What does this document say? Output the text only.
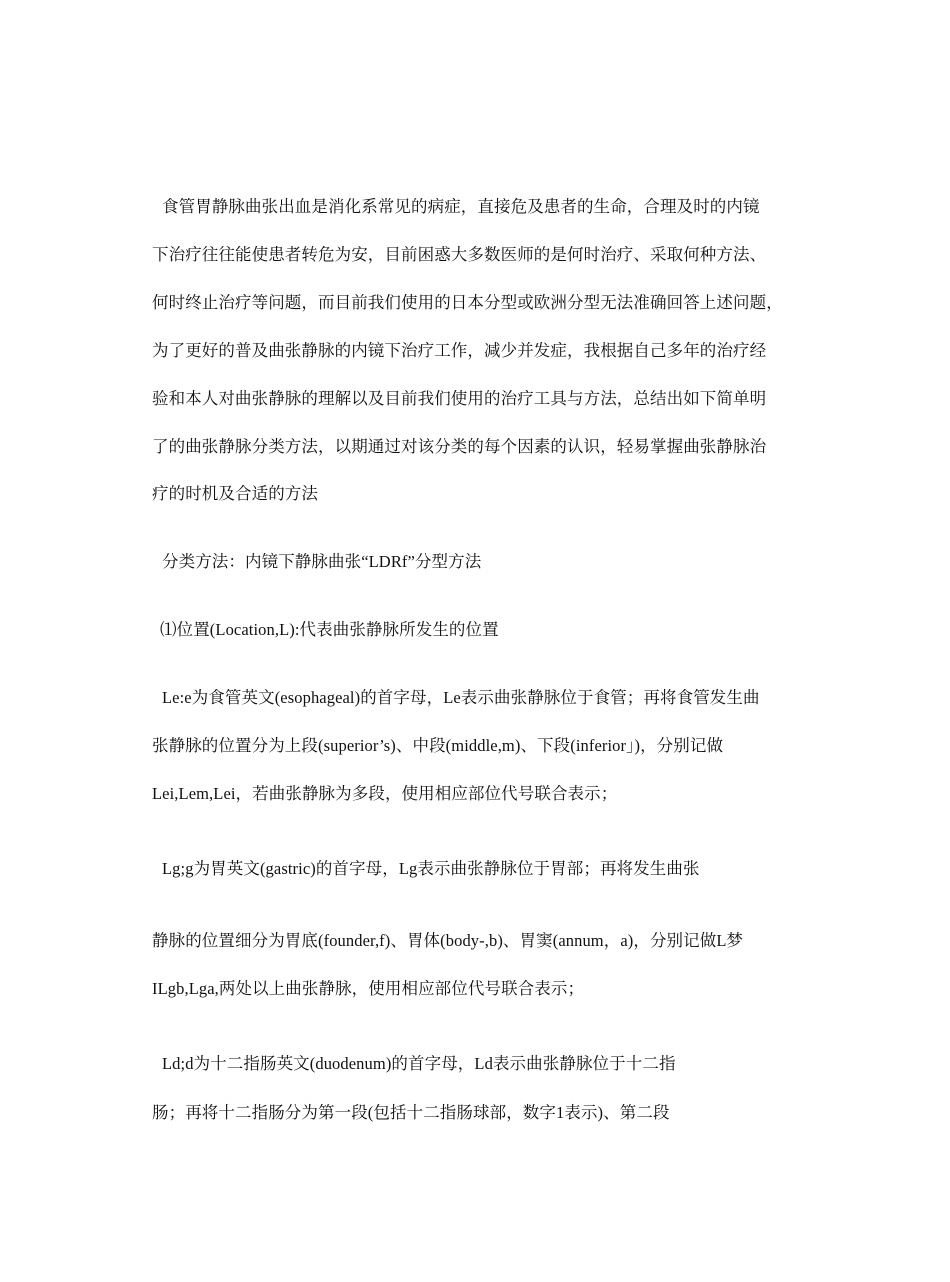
食管胃静脉曲张出血是消化系常见的病症，直接危及患者的生命，合理及时的内镜
下治疗往往能使患者转危为安，目前困惑大多数医师的是何时治疗、采取何种方法、
何时终止治疗等问题，而目前我们使用的日本分型或欧洲分型无法准确回答上述问题，
为了更好的普及曲张静脉的内镜下治疗工作，减少并发症，我根据自己多年的治疗经
验和本人对曲张静脉的理解以及目前我们使用的治疗工具与方法，总结出如下简单明
了的曲张静脉分类方法，以期通过对该分类的每个因素的认识，轻易掌握曲张静脉治
疗的时机及合适的方法
分类方法：内镜下静脉曲张“LDRf”分型方法
⑴位置(Location,L):代表曲张静脉所发生的位置
Le:e为食管英文(esophageal)的首字母，Le表示曲张静脉位于食管；再将食管发生曲
张静脉的位置分为上段(superior’s)、中段(middle,m)、下段(inferior」)，分别记做
Lei,Lem,Lei，若曲张静脉为多段，使用相应部位代号联合表示；
Lg;g为胃英文(gastric)的首字母，Lg表示曲张静脉位于胃部；再将发生曲张
静脉的位置细分为胃底(founder,f)、胃体(body-,b)、胃窦(annum，a)，分别记做L梦
ILgb,Lga,两处以上曲张静脉，使用相应部位代号联合表示；
Ld;d为十二指肠英文(duodenum)的首字母，Ld表示曲张静脉位于十二指
肠；再将十二指肠分为第一段(包括十二指肠球部，数字1表示)、第二段
